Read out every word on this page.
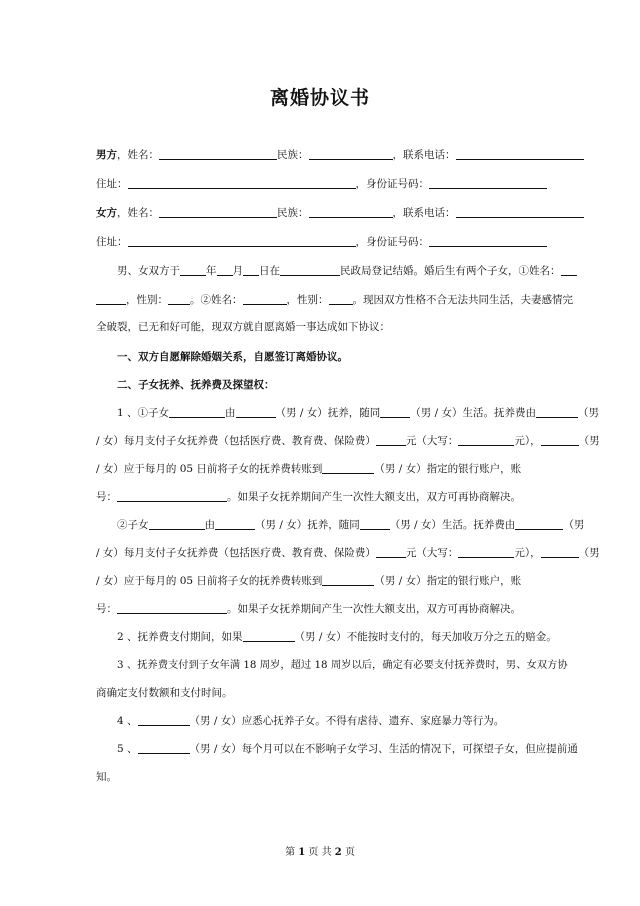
离婚协议书
男方，姓名：	民族：	，联系电话：
住址：	，身份证号码：
女方，姓名：	民族：	，联系电话：
住址：	，身份证号码：
男、女双方于 年 月 日在	民政局登记结婚。婚后生有两个子女，①姓名：
，性别： 。②姓名：	，性别： 。现因双方性格不合无法共同生活，夫妻感情完
全破裂，已无和好可能，现双方就自愿离婚一事达成如下协议：
一、双方自愿解除婚姻关系，自愿签订离婚协议。
二、子女抚养、抚养费及探望权：
1 、①子女	由	（男 / 女）抚养，随同	（男 / 女）生活。抚养费由	（男
/ 女）每月支付子女抚养费（包括医疗费、教育费、保险费）	元（大写：	元），	（男
/ 女）应于每月的 05 日前将子女的抚养费转账到	（男 / 女）指定的银行账户，账
号：	。如果子女抚养期间产生一次性大额支出，双方可再协商解决。
②子女	由	（男 / 女）抚养，随同	（男 / 女）生活。抚养费由	（男
/ 女）每月支付子女抚养费（包括医疗费、教育费、保险费）	元（大写：	元），	（男
/ 女）应于每月的 05 日前将子女的抚养费转账到	（男 / 女）指定的银行账户，账
号：	。如果子女抚养期间产生一次性大额支出，双方可再协商解决。
2 、抚养费支付期间，如果	（男 / 女）不能按时支付的，每天加收万分之五的赔金。
3 、抚养费支付到子女年满 18 周岁，超过 18 周岁以后，确定有必要支付抚养费时，男、女双方协
商确定支付数额和支付时间。
4 、	（男 / 女）应悉心抚养子女。不得有虐待、遗弃、家庭暴力等行为。
5 、	（男 / 女）每个月可以在不影响子女学习、生活的情况下，可探望子女，但应提前通
知。
第 1 页 共 2 页
